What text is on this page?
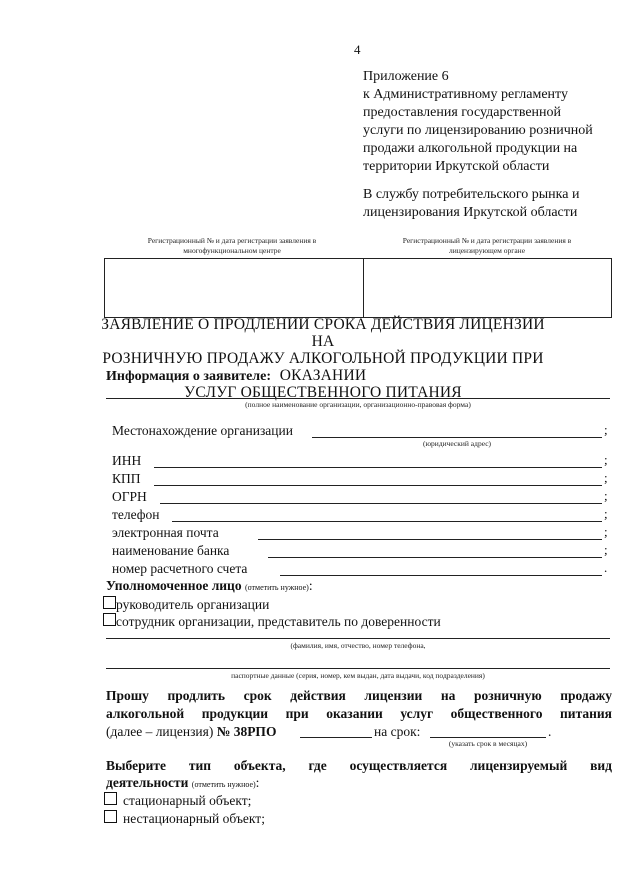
4
Приложение 6
к Административному регламенту
предоставления государственной
услуги по лицензированию розничной
продажи алкогольной продукции на
территории Иркутской области
В службу потребительского рынка и
лицензирования Иркутской области
Регистрационный № и дата регистрации заявления в
многофункциональном центре
Регистрационный № и дата регистрации заявления в
лицензирующем органе
ЗАЯВЛЕНИЕ О ПРОДЛЕНИИ СРОКА ДЕЙСТВИЯ ЛИЦЕНЗИИ НА
РОЗНИЧНУЮ ПРОДАЖУ АЛКОГОЛЬНОЙ ПРОДУКЦИИ ПРИ ОКАЗАНИИ
УСЛУГ ОБЩЕСТВЕННОГО ПИТАНИЯ
Информация о заявителе:
(полное наименование организации, организационно-правовая форма)
Местонахождение организации	;
(юридический адрес)
ИНН	;
КПП	;
ОГРН	;
телефон	;
электронная почта	;
наименование банка	;
номер расчетного счета	.
Уполномоченное лицо (отметить нужное):
руководитель организации
сотрудник организации, представитель по доверенности
(фамилия, имя, отчество, номер телефона,
паспортные данные (серия, номер, кем выдан, дата выдачи, код подразделения)
Прошу продлить срок действия лицензии на розничную продажу
алкогольной продукции при оказании услуг общественного питания
(далее – лицензия) № 38РПО	на срок:	.
(указать срок в месяцах)
Выберите тип объекта, где осуществляется лицензируемый вид
деятельности (отметить нужное):
стационарный объект;
нестационарный объект;
